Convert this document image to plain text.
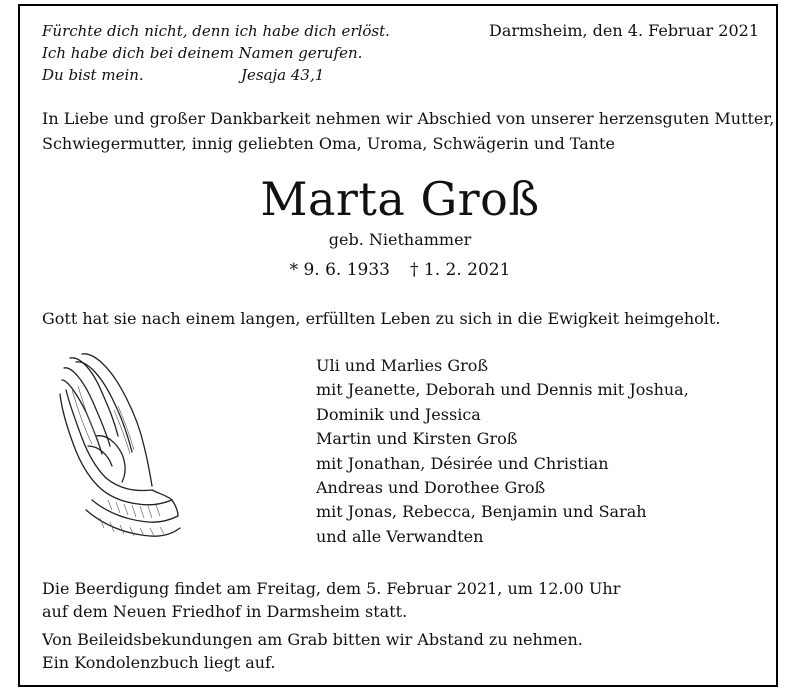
Fürchte dich nicht, denn ich habe dich erlöst.
Ich habe dich bei deinem Namen gerufen.
Du bist mein.	Jesaja 43,1
Darmsheim, den 4. Februar 2021
In Liebe und großer Dankbarkeit nehmen wir Abschied von unserer herzensguten Mutter,
Schwiegermutter, innig geliebten Oma, Uroma, Schwägerin und Tante
Marta Groß
geb. Niethammer
* 9. 6. 1933 † 1. 2. 2021
Gott hat sie nach einem langen, erfüllten Leben zu sich in die Ewigkeit heimgeholt.
Uli und Marlies Groß
mit Jeanette, Deborah und Dennis mit Joshua,
Dominik und Jessica
Martin und Kirsten Groß
mit Jonathan, Désirée und Christian
Andreas und Dorothee Groß
mit Jonas, Rebecca, Benjamin und Sarah
und alle Verwandten
Die Beerdigung findet am Freitag, dem 5. Februar 2021, um 12.00 Uhr
auf dem Neuen Friedhof in Darmsheim statt.
Von Beileidsbekundungen am Grab bitten wir Abstand zu nehmen.
Ein Kondolenzbuch liegt auf.
